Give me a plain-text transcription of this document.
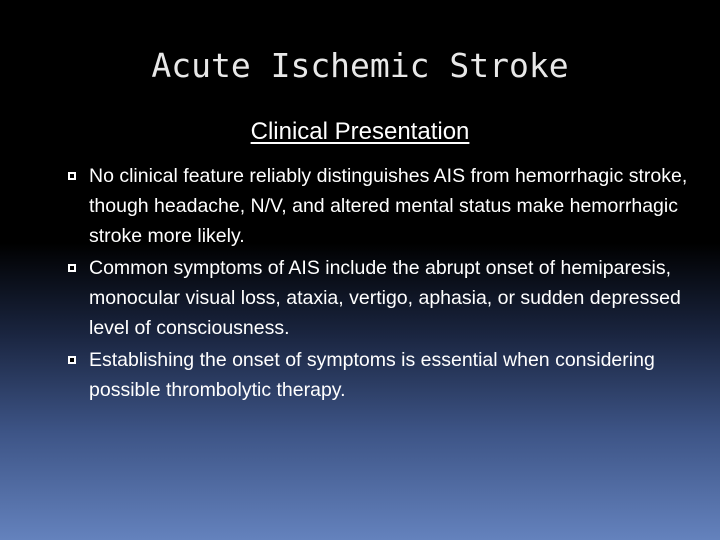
Acute Ischemic Stroke
Clinical Presentation
No clinical feature reliably distinguishes AIS from hemorrhagic stroke, though headache, N/V, and altered mental status make hemorrhagic stroke more likely.
Common symptoms of AIS include the abrupt onset of hemiparesis, monocular visual loss, ataxia, vertigo, aphasia, or sudden depressed level of consciousness.
Establishing the onset of symptoms is essential when considering possible thrombolytic therapy.
